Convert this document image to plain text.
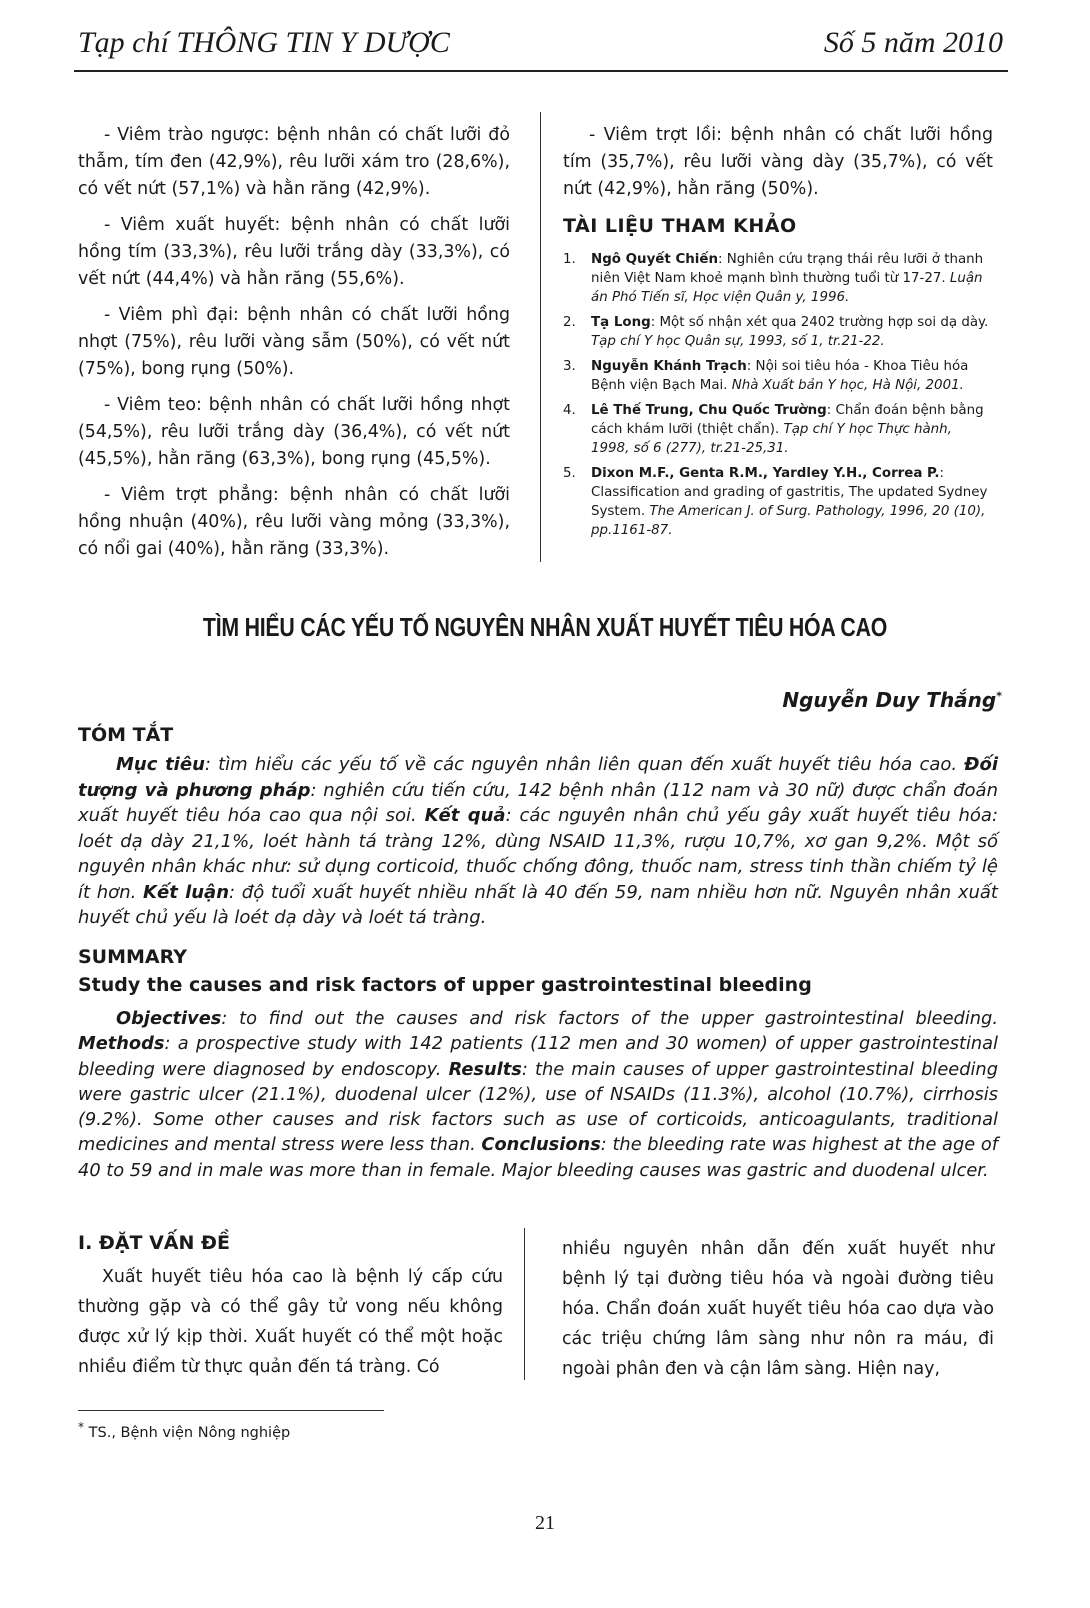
Tạp chí THÔNG TIN Y DƯỢC	Số 5 năm 2010

- Viêm trào ngược: bệnh nhân có chất lưỡi đỏ thẫm, tím đen (42,9%), rêu lưỡi xám tro (28,6%), có vết nứt (57,1%) và hằn răng (42,9%).

- Viêm xuất huyết: bệnh nhân có chất lưỡi hồng tím (33,3%), rêu lưỡi trắng dày (33,3%), có vết nứt (44,4%) và hằn răng (55,6%).

- Viêm phì đại: bệnh nhân có chất lưỡi hồng nhợt (75%), rêu lưỡi vàng sẫm (50%), có vết nứt (75%), bong rụng (50%).

- Viêm teo: bệnh nhân có chất lưỡi hồng nhợt (54,5%), rêu lưỡi trắng dày (36,4%), có vết nứt (45,5%), hằn răng (63,3%), bong rụng (45,5%).

- Viêm trợt phẳng: bệnh nhân có chất lưỡi hồng nhuận (40%), rêu lưỡi vàng mỏng (33,3%), có nổi gai (40%), hằn răng (33,3%).

- Viêm trợt lồi: bệnh nhân có chất lưỡi hồng tím (35,7%), rêu lưỡi vàng dày (35,7%), có vết nứt (42,9%), hằn răng (50%).

TÀI LIỆU THAM KHẢO
1. Ngô Quyết Chiến: Nghiên cứu trạng thái rêu lưỡi ở thanh niên Việt Nam khoẻ mạnh bình thường tuổi từ 17-27. Luận án Phó Tiến sĩ, Học viện Quân y, 1996.
2. Tạ Long: Một số nhận xét qua 2402 trường hợp soi dạ dày. Tạp chí Y học Quân sự, 1993, số 1, tr.21-22.
3. Nguyễn Khánh Trạch: Nội soi tiêu hóa - Khoa Tiêu hóa Bệnh viện Bạch Mai. Nhà Xuất bản Y học, Hà Nội, 2001.
4. Lê Thế Trung, Chu Quốc Trường: Chẩn đoán bệnh bằng cách khám lưỡi (thiệt chẩn). Tạp chí Y học Thực hành, 1998, số 6 (277), tr.21-25,31.
5. Dixon M.F., Genta R.M., Yardley Y.H., Correa P.: Classification and grading of gastritis, The updated Sydney System. The American J. of Surg. Pathology, 1996, 20 (10), pp.1161-87.
TÌM HIỂU CÁC YẾU TỐ NGUYÊN NHÂN XUẤT HUYẾT TIÊU HÓA CAO
Nguyễn Duy Thắng*
TÓM TẮT
Mục tiêu: tìm hiểu các yếu tố về các nguyên nhân liên quan đến xuất huyết tiêu hóa cao. Đối tượng và phương pháp: nghiên cứu tiến cứu, 142 bệnh nhân (112 nam và 30 nữ) được chẩn đoán xuất huyết tiêu hóa cao qua nội soi. Kết quả: các nguyên nhân chủ yếu gây xuất huyết tiêu hóa: loét dạ dày 21,1%, loét hành tá tràng 12%, dùng NSAID 11,3%, rượu 10,7%, xơ gan 9,2%. Một số nguyên nhân khác như: sử dụng corticoid, thuốc chống đông, thuốc nam, stress tinh thần chiếm tỷ lệ ít hơn. Kết luận: độ tuổi xuất huyết nhiều nhất là 40 đến 59, nam nhiều hơn nữ. Nguyên nhân xuất huyết chủ yếu là loét dạ dày và loét tá tràng.
SUMMARY
Study the causes and risk factors of upper gastrointestinal bleeding
Objectives: to find out the causes and risk factors of the upper gastrointestinal bleeding. Methods: a prospective study with 142 patients (112 men and 30 women) of upper gastrointestinal bleeding were diagnosed by endoscopy. Results: the main causes of upper gastrointestinal bleeding were gastric ulcer (21.1%), duodenal ulcer (12%), use of NSAIDs (11.3%), alcohol (10.7%), cirrhosis (9.2%). Some other causes and risk factors such as use of corticoids, anticoagulants, traditional medicines and mental stress were less than. Conclusions: the bleeding rate was highest at the age of 40 to 59 and in male was more than in female. Major bleeding causes was gastric and duodenal ulcer.
I. ĐẶT VẤN ĐỀ

Xuất huyết tiêu hóa cao là bệnh lý cấp cứu thường gặp và có thể gây tử vong nếu không được xử lý kịp thời. Xuất huyết có thể một hoặc nhiều điểm từ thực quản đến tá tràng. Có

nhiều nguyên nhân dẫn đến xuất huyết như bệnh lý tại đường tiêu hóa và ngoài đường tiêu hóa. Chẩn đoán xuất huyết tiêu hóa cao dựa vào các triệu chứng lâm sàng như nôn ra máu, đi ngoài phân đen và cận lâm sàng. Hiện nay,

* TS., Bệnh viện Nông nghiệp
21
